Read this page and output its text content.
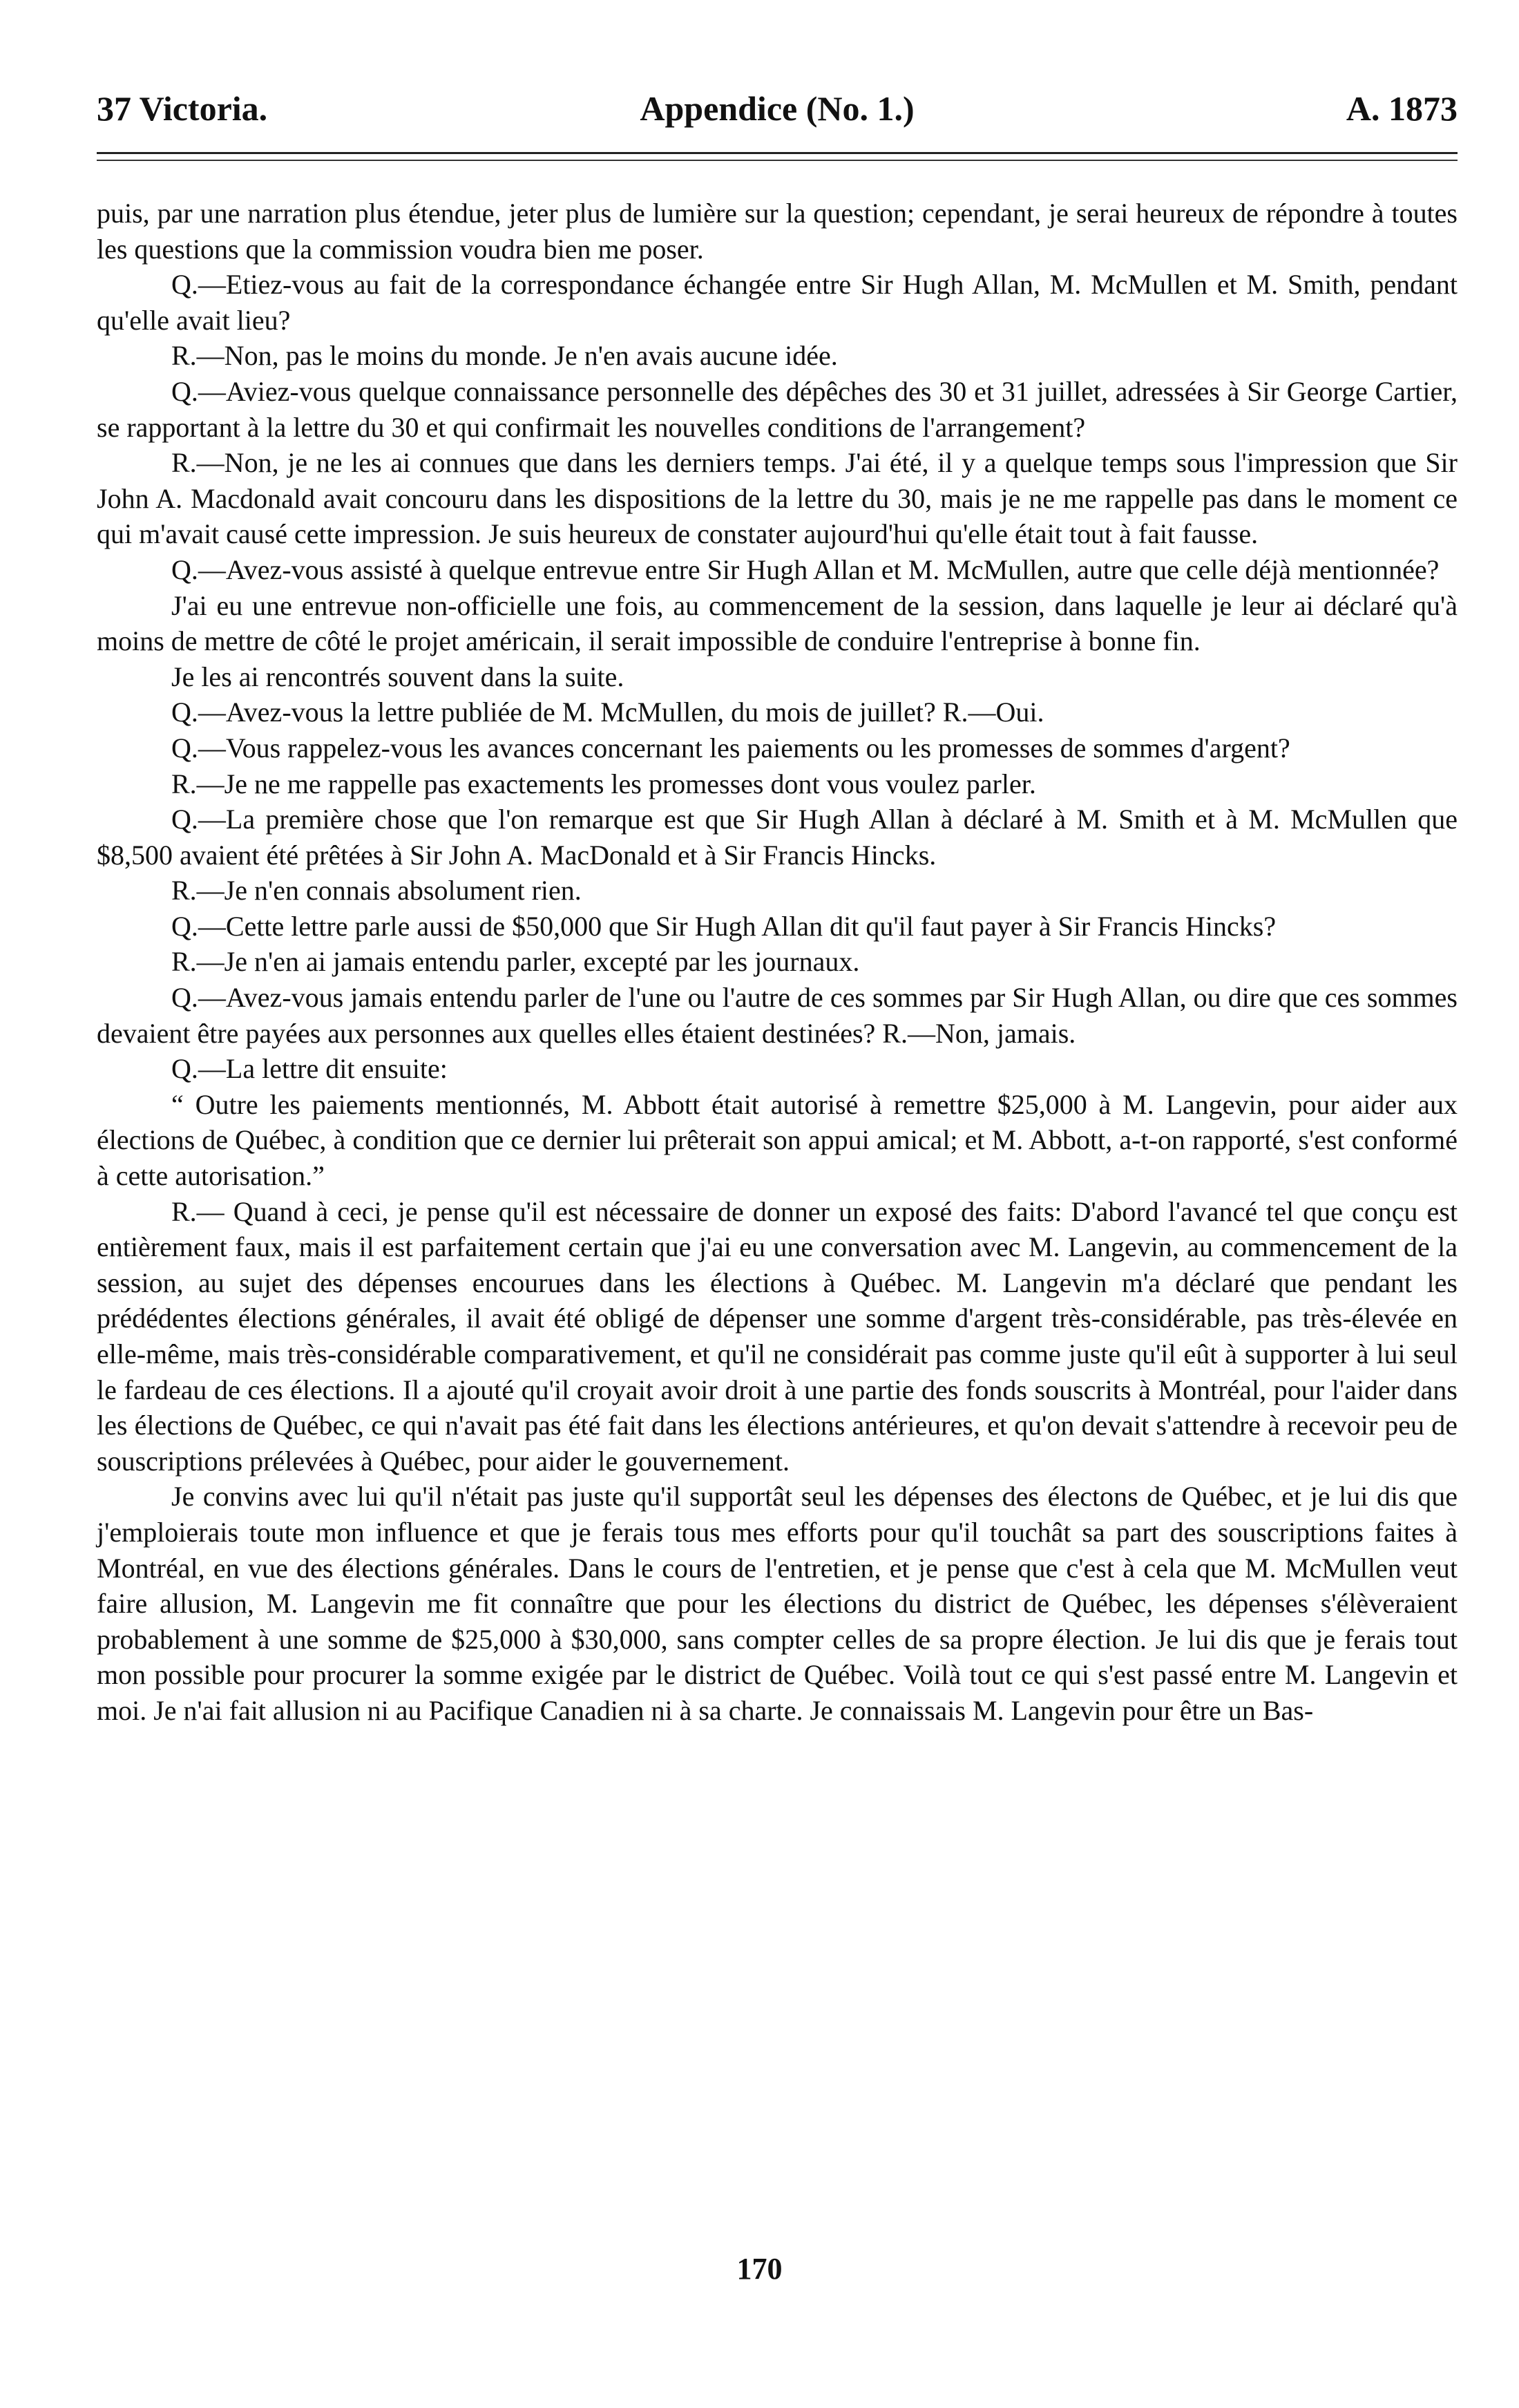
37 Victoria.	Appendice (No. 1.)	A. 1873

puis, par une narration plus étendue, jeter plus de lumière sur la question; cependant, je serai heureux de répondre à toutes les questions que la commission voudra bien me poser.

Q.—Etiez-vous au fait de la correspondance échangée entre Sir Hugh Allan, M. McMullen et M. Smith, pendant qu'elle avait lieu?

R.—Non, pas le moins du monde. Je n'en avais aucune idée.

Q.—Aviez-vous quelque connaissance personnelle des dépêches des 30 et 31 juillet, adressées à Sir George Cartier, se rapportant à la lettre du 30 et qui confirmait les nouvelles conditions de l'arrangement?

R.—Non, je ne les ai connues que dans les derniers temps. J'ai été, il y a quelque temps sous l'impression que Sir John A. Macdonald avait concouru dans les dispositions de la lettre du 30, mais je ne me rappelle pas dans le moment ce qui m'avait causé cette impression. Je suis heureux de constater aujourd'hui qu'elle était tout à fait fausse.

Q.—Avez-vous assisté à quelque entrevue entre Sir Hugh Allan et M. McMullen, autre que celle déjà mentionnée?

J'ai eu une entrevue non-officielle une fois, au commencement de la session, dans laquelle je leur ai déclaré qu'à moins de mettre de côté le projet américain, il serait impossible de conduire l'entreprise à bonne fin.

Je les ai rencontrés souvent dans la suite.

Q.—Avez-vous la lettre publiée de M. McMullen, du mois de juillet? R.—Oui.

Q.—Vous rappelez-vous les avances concernant les paiements ou les promesses de sommes d'argent?

R.—Je ne me rappelle pas exactements les promesses dont vous voulez parler.

Q.—La première chose que l'on remarque est que Sir Hugh Allan à déclaré à M. Smith et à M. McMullen que $8,500 avaient été prêtées à Sir John A. MacDonald et à Sir Francis Hincks.

R.—Je n'en connais absolument rien.

Q.—Cette lettre parle aussi de $50,000 que Sir Hugh Allan dit qu'il faut payer à Sir Francis Hincks?

R.—Je n'en ai jamais entendu parler, excepté par les journaux.

Q.—Avez-vous jamais entendu parler de l'une ou l'autre de ces sommes par Sir Hugh Allan, ou dire que ces sommes devaient être payées aux personnes aux quelles elles étaient destinées? R.—Non, jamais.

Q.—La lettre dit ensuite:

“ Outre les paiements mentionnés, M. Abbott était autorisé à remettre $25,000 à M. Langevin, pour aider aux élections de Québec, à condition que ce dernier lui prêterait son appui amical; et M. Abbott, a-t-on rapporté, s'est conformé à cette autorisation.”

R.— Quand à ceci, je pense qu'il est nécessaire de donner un exposé des faits: D'abord l'avancé tel que conçu est entièrement faux, mais il est parfaitement certain que j'ai eu une conversation avec M. Langevin, au commencement de la session, au sujet des dépenses encourues dans les élections à Québec. M. Langevin m'a déclaré que pendant les prédédentes élections générales, il avait été obligé de dépenser une somme d'argent très-considérable, pas très-élevée en elle-même, mais très-considérable comparativement, et qu'il ne considérait pas comme juste qu'il eût à supporter à lui seul le fardeau de ces élections. Il a ajouté qu'il croyait avoir droit à une partie des fonds souscrits à Montréal, pour l'aider dans les élections de Québec, ce qui n'avait pas été fait dans les élections antérieures, et qu'on devait s'attendre à recevoir peu de souscriptions prélevées à Québec, pour aider le gouvernement.

Je convins avec lui qu'il n'était pas juste qu'il supportât seul les dépenses des électons de Québec, et je lui dis que j'emploierais toute mon influence et que je ferais tous mes efforts pour qu'il touchât sa part des souscriptions faites à Montréal, en vue des élections générales. Dans le cours de l'entretien, et je pense que c'est à cela que M. McMullen veut faire allusion, M. Langevin me fit connaître que pour les élections du district de Québec, les dépenses s'élèveraient probablement à une somme de $25,000 à $30,000, sans compter celles de sa propre élection. Je lui dis que je ferais tout mon possible pour procurer la somme exigée par le district de Québec. Voilà tout ce qui s'est passé entre M. Langevin et moi. Je n'ai fait allusion ni au Pacifique Canadien ni à sa charte. Je connaissais M. Langevin pour être un Bas-

170
